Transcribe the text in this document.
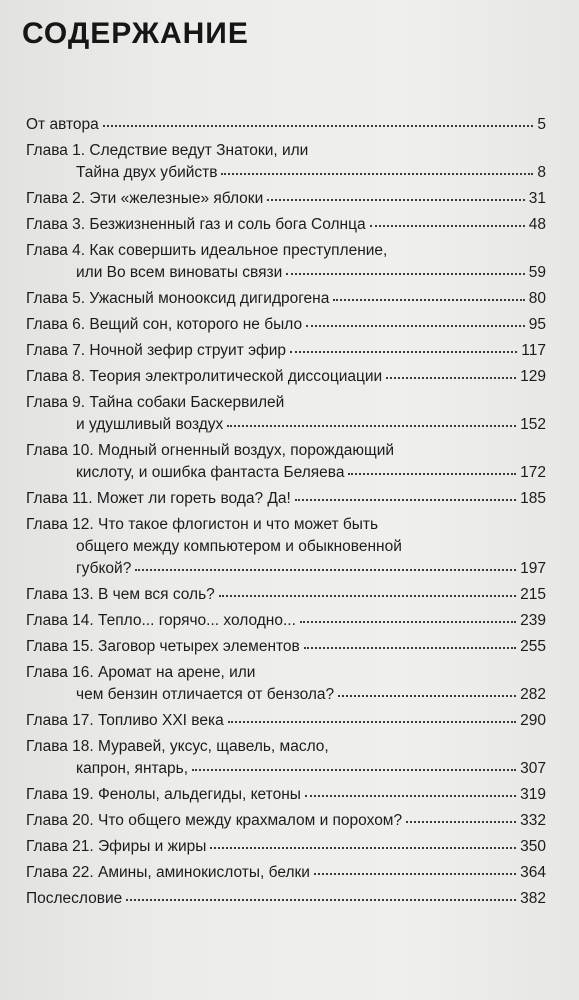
СОДЕРЖАНИЕ
От автора	5
Глава 1. Следствие ведут Знатоки, или
Тайна двух убийств	8
Глава 2. Эти «железные» яблоки	31
Глава 3. Безжизненный газ и соль бога Солнца	48
Глава 4. Как совершить идеальное преступление,
или Во всем виноваты связи	59
Глава 5. Ужасный монооксид дигидрогена	80
Глава 6. Вещий сон, которого не было	95
Глава 7. Ночной зефир струит эфир	117
Глава 8. Теория электролитической диссоциации	129
Глава 9. Тайна собаки Баскервилей
и удушливый воздух	152
Глава 10. Модный огненный воздух, порождающий
кислоту, и ошибка фантаста Беляева	172
Глава 11. Может ли гореть вода? Да!	185
Глава 12. Что такое флогистон и что может быть
общего между компьютером и обыкновенной
губкой?	197
Глава 13. В чем вся соль?	215
Глава 14. Тепло... горячо... холодно...	239
Глава 15. Заговор четырех элементов	255
Глава 16. Аромат на арене, или
чем бензин отличается от бензола?	282
Глава 17. Топливо XXI века	290
Глава 18. Муравей, уксус, щавель, масло,
капрон, янтарь,	307
Глава 19. Фенолы, альдегиды, кетоны	319
Глава 20. Что общего между крахмалом и порохом?	332
Глава 21. Эфиры и жиры	350
Глава 22. Амины, аминокислоты, белки	364
Послесловие	382
